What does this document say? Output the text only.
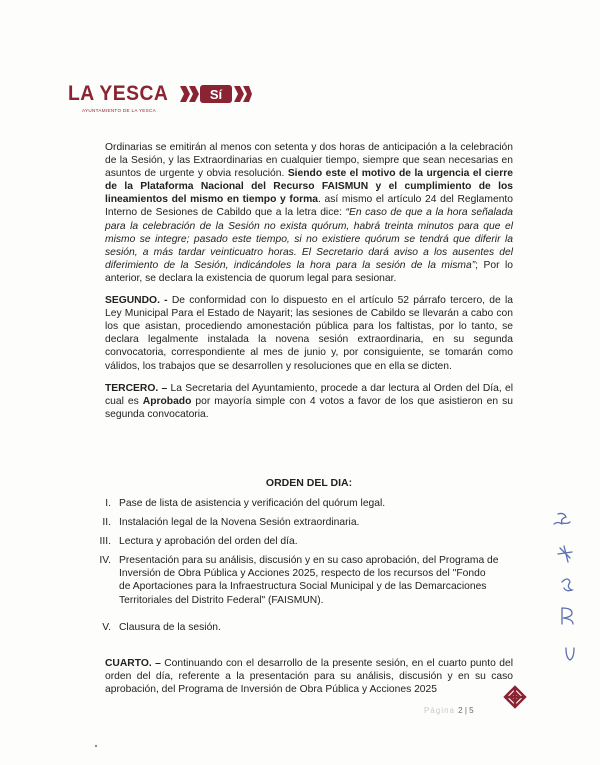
LA YESCA	Sí
AYUNTAMIENTO DE LA YESCA

Ordinarias se emitirán al menos con setenta y dos horas de anticipación a la celebración de la Sesión, y las Extraordinarias en cualquier tiempo, siempre que sean necesarias en asuntos de urgente y obvia resolución. Siendo este el motivo de la urgencia el cierre de la Plataforma Nacional del Recurso FAISMUN y el cumplimiento de los lineamientos del mismo en tiempo y forma. así mismo el artículo 24 del Reglamento Interno de Sesiones de Cabildo que a la letra dice: “En caso de que a la hora señalada para la celebración de la Sesión no exista quórum, habrá treinta minutos para que el mismo se integre; pasado este tiempo, si no existiere quórum se tendrá que diferir la sesión, a más tardar veinticuatro horas. El Secretario dará aviso a los ausentes del diferimiento de la Sesión, indicándoles la hora para la sesión de la misma”; Por lo anterior, se declara la existencia de quorum legal para sesionar.

SEGUNDO. - De conformidad con lo dispuesto en el artículo 52 párrafo tercero, de la Ley Municipal Para el Estado de Nayarit; las sesiones de Cabildo se llevarán a cabo con los que asistan, procediendo amonestación pública para los faltistas, por lo tanto, se declara legalmente instalada la novena sesión extraordinaria, en su segunda convocatoria, correspondiente al mes de junio y, por consiguiente, se tomarán como válidos, los trabajos que se desarrollen y resoluciones que en ella se dicten.

TERCERO. – La Secretaria del Ayuntamiento, procede a dar lectura al Orden del Día, el cual es Aprobado por mayoría simple con 4 votos a favor de los que asistieron en su segunda convocatoria.

ORDEN DEL DIA:
I. Pase de lista de asistencia y verificación del quórum legal.
II. Instalación legal de la Novena Sesión extraordinaria.
III. Lectura y aprobación del orden del día.
IV. Presentación para su análisis, discusión y en su caso aprobación, del Programa de Inversión de Obra Pública y Acciones 2025, respecto de los recursos del "Fondo de Aportaciones para la Infraestructura Social Municipal y de las Demarcaciones Territoriales del Distrito Federal" (FAISMUN).
V. Clausura de la sesión.
CUARTO. – Continuando con el desarrollo de la presente sesión, en el cuarto punto del orden del día, referente a la presentación para su análisis, discusión y en su caso aprobación, del Programa de Inversión de Obra Pública y Acciones 2025
Página 2 | 5
